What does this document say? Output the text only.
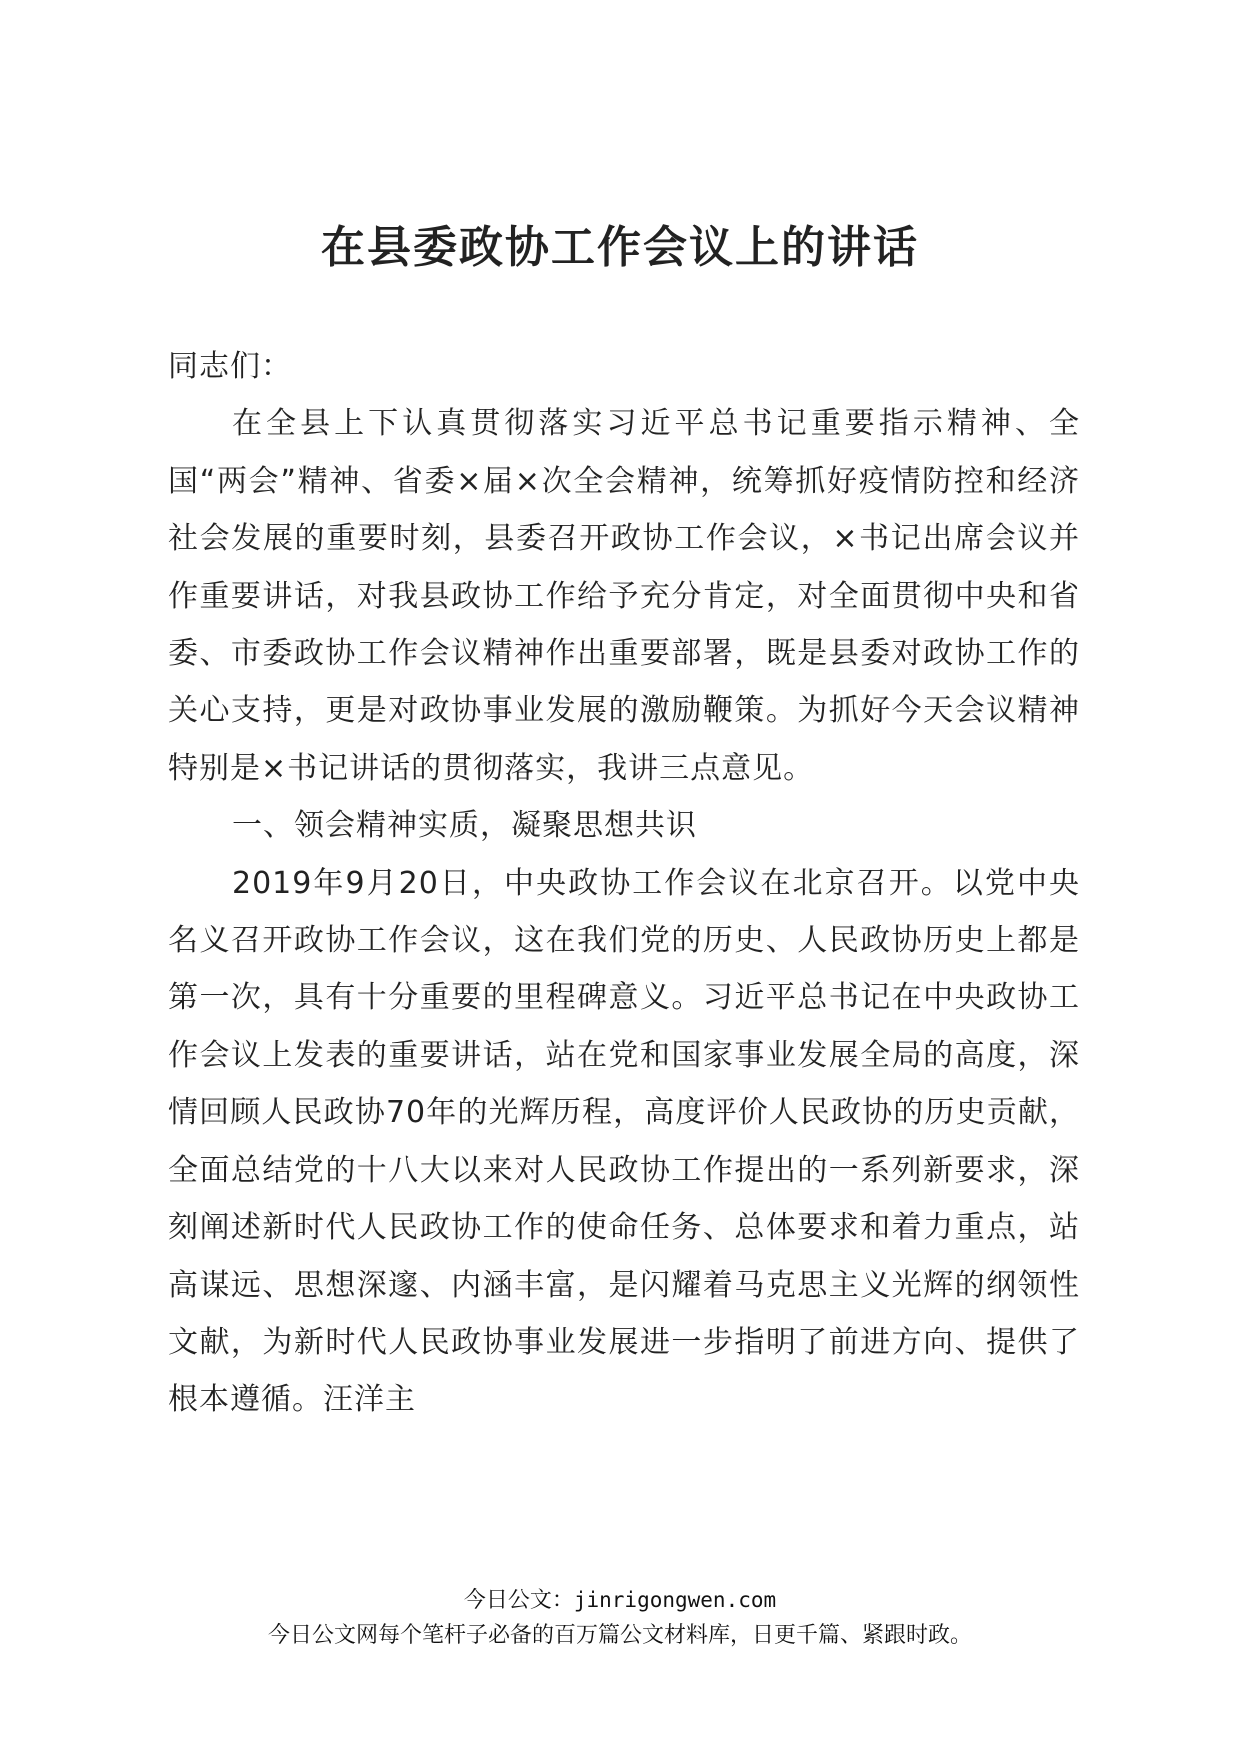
在县委政协工作会议上的讲话

同志们：

在全县上下认真贯彻落实习近平总书记重要指示精神、全国“两会”精神、省委×届×次全会精神，统筹抓好疫情防控和经济社会发展的重要时刻，县委召开政协工作会议，×书记出席会议并作重要讲话，对我县政协工作给予充分肯定，对全面贯彻中央和省委、市委政协工作会议精神作出重要部署，既是县委对政协工作的关心支持，更是对政协事业发展的激励鞭策。为抓好今天会议精神特别是×书记讲话的贯彻落实，我讲三点意见。

一、领会精神实质，凝聚思想共识

2019年9月20日，中央政协工作会议在北京召开。以党中央名义召开政协工作会议，这在我们党的历史、人民政协历史上都是第一次，具有十分重要的里程碑意义。习近平总书记在中央政协工作会议上发表的重要讲话，站在党和国家事业发展全局的高度，深情回顾人民政协70年的光辉历程，高度评价人民政协的历史贡献，全面总结党的十八大以来对人民政协工作提出的一系列新要求，深刻阐述新时代人民政协工作的使命任务、总体要求和着力重点，站高谋远、思想深邃、内涵丰富，是闪耀着马克思主义光辉的纲领性文献，为新时代人民政协事业发展进一步指明了前进方向、提供了根本遵循。汪洋主

今日公文：jinrigongwen.com
今日公文网每个笔杆子必备的百万篇公文材料库，日更千篇、紧跟时政。
